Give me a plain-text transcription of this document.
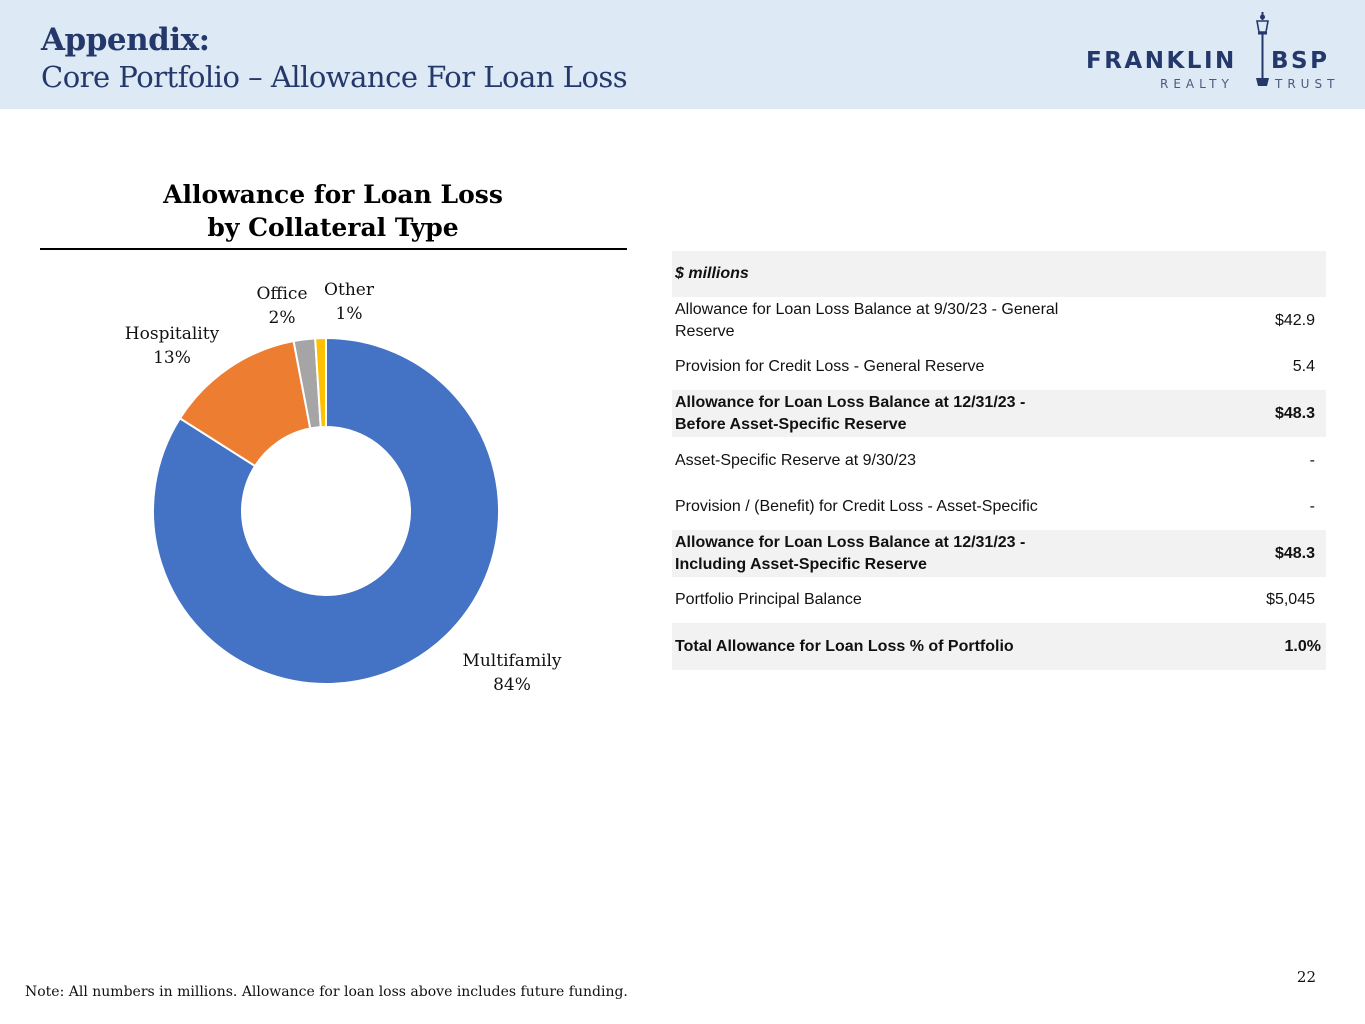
Appendix:
Core Portfolio – Allowance For Loan Loss	FRANKLIN BSP
REALTY	TRUST
Allowance for Loan Loss
by Collateral Type
Multifamily
84%
Hospitality
13%
Office
2%
Other
1%
$ millions
Allowance for Loan Loss Balance at 9/30/23 - General
Reserve
$42.9
Provision for Credit Loss - General Reserve	5.4
Allowance for Loan Loss Balance at 12/31/23 -
Before Asset-Specific Reserve
$48.3
Asset-Specific Reserve at 9/30/23	-
Provision / (Benefit) for Credit Loss - Asset-Specific	-
Allowance for Loan Loss Balance at 12/31/23 -
Including Asset-Specific Reserve
$48.3
Portfolio Principal Balance	$5,045
Total Allowance for Loan Loss % of Portfolio	1.0%
Note: All numbers in millions. Allowance for loan loss above includes future funding.
22
